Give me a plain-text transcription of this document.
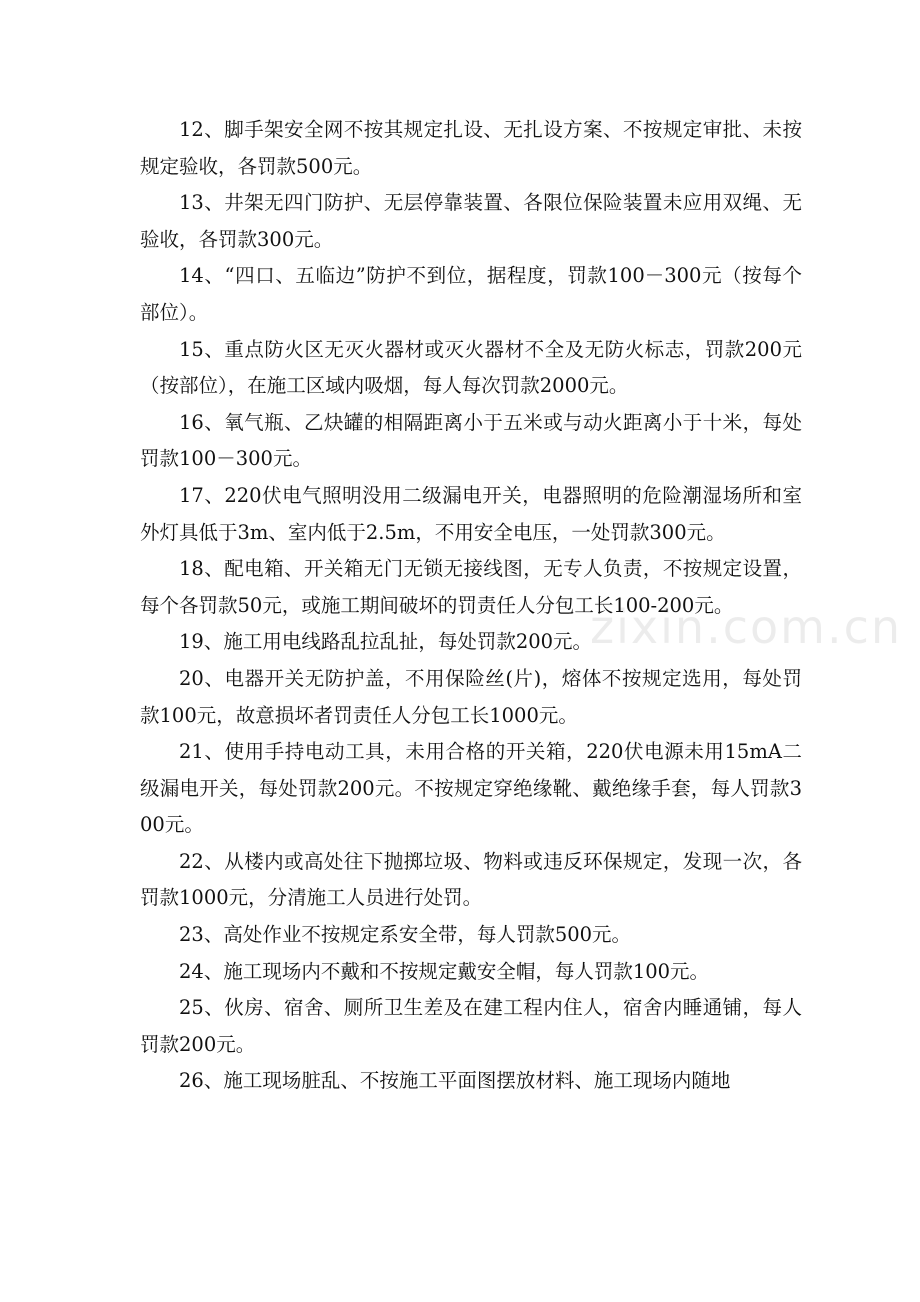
12、脚手架安全网不按其规定扎设、无扎设方案、不按规定审批、未按规定验收，各罚款500元。

13、井架无四门防护、无层停靠装置、各限位保险装置未应用双绳、无验收，各罚款300元。

14、“四口、五临边”防护不到位，据程度，罚款100－300元（按每个部位）。

15、重点防火区无灭火器材或灭火器材不全及无防火标志，罚款200元（按部位），在施工区域内吸烟，每人每次罚款2000元。

16、氧气瓶、乙炔罐的相隔距离小于五米或与动火距离小于十米，每处罚款100－300元。

17、220伏电气照明没用二级漏电开关，电器照明的危险潮湿场所和室外灯具低于3m、室内低于2.5m，不用安全电压，一处罚款300元。

18、配电箱、开关箱无门无锁无接线图，无专人负责，不按规定设置，每个各罚款50元，或施工期间破坏的罚责任人分包工长100-200元。

19、施工用电线路乱拉乱扯，每处罚款200元。

20、电器开关无防护盖，不用保险丝(片)，熔体不按规定选用，每处罚款100元，故意损坏者罚责任人分包工长1000元。

21、使用手持电动工具，未用合格的开关箱，220伏电源未用15mA二级漏电开关，每处罚款200元。不按规定穿绝缘靴、戴绝缘手套，每人罚款300元。

22、从楼内或高处往下抛掷垃圾、物料或违反环保规定，发现一次，各罚款1000元，分清施工人员进行处罚。

23、高处作业不按规定系安全带，每人罚款500元。

24、施工现场内不戴和不按规定戴安全帽，每人罚款100元。

25、伙房、宿舍、厕所卫生差及在建工程内住人，宿舍内睡通铺，每人罚款200元。

26、施工现场脏乱、不按施工平面图摆放材料、施工现场内随地

zixin.com.cn
